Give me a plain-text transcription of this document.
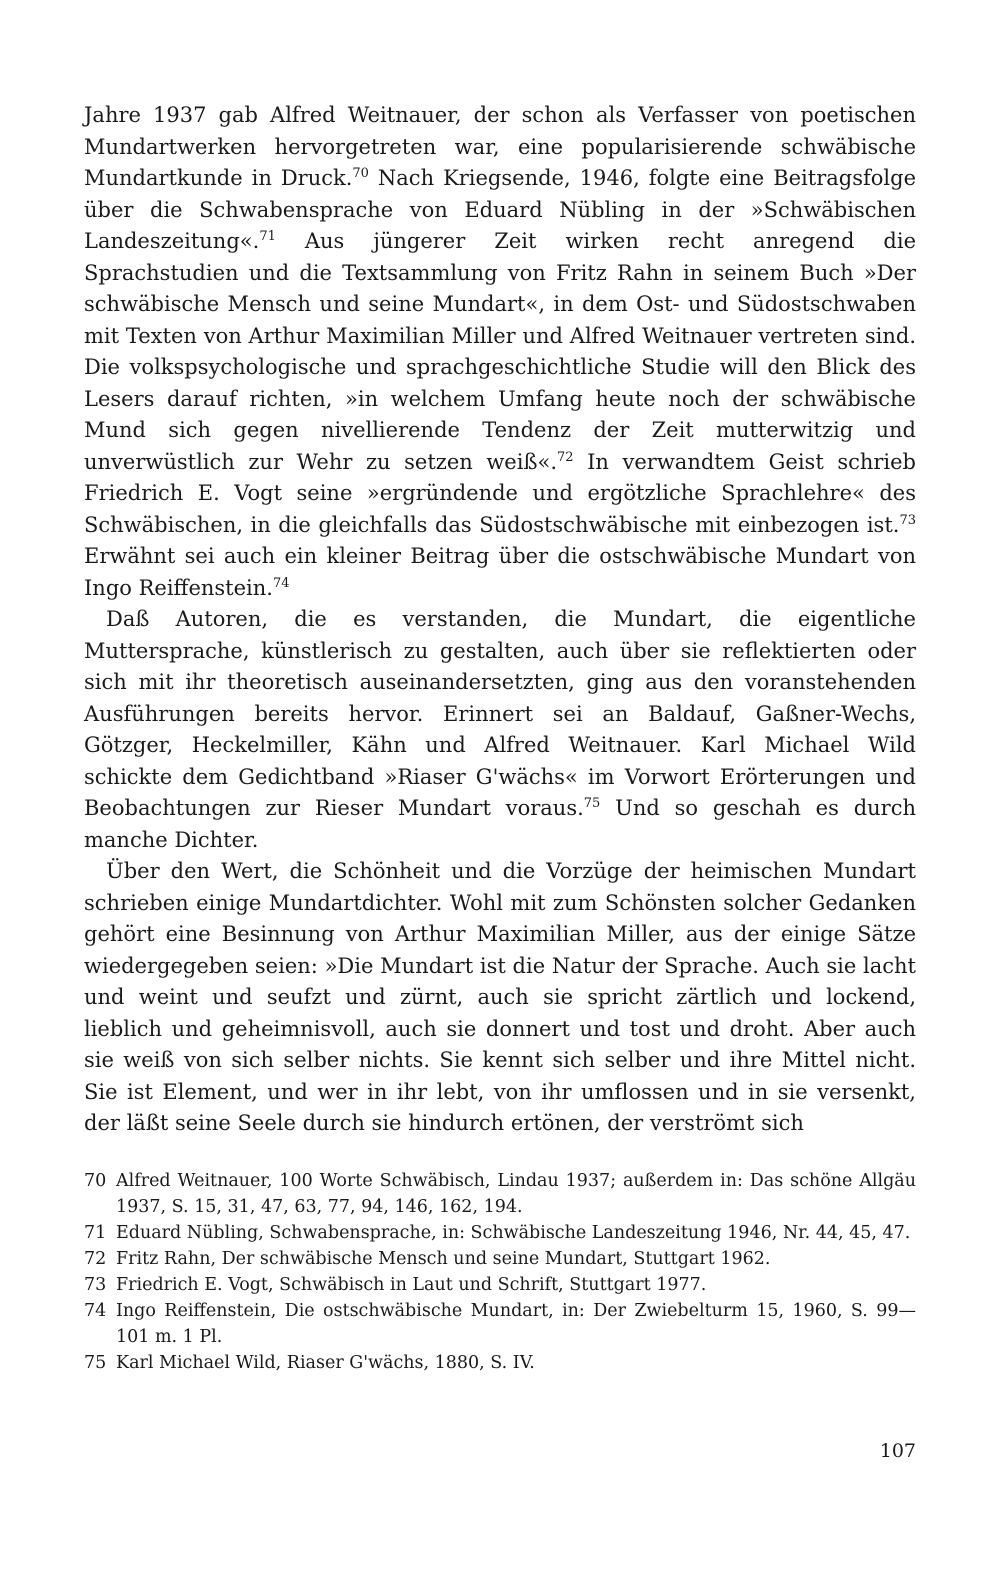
Jahre 1937 gab Alfred Weitnauer, der schon als Verfasser von poetischen Mundartwerken hervorgetreten war, eine popularisierende schwäbische Mundartkunde in Druck.$^{70}$ Nach Kriegsende, 1946, folgte eine Beitragsfolge über die Schwabensprache von Eduard Nübling in der »Schwäbischen Landeszeitung«.$^{71}$ Aus jüngerer Zeit wirken recht anregend die Sprachstudien und die Textsammlung von Fritz Rahn in seinem Buch »Der schwäbische Mensch und seine Mundart«, in dem Ost- und Südostschwaben mit Texten von Arthur Maximilian Miller und Alfred Weitnauer vertreten sind. Die volkspsychologische und sprachgeschichtliche Studie will den Blick des Lesers darauf richten, »in welchem Umfang heute noch der schwäbische Mund sich gegen nivellierende Tendenz der Zeit mutterwitzig und unverwüstlich zur Wehr zu setzen weiß«.$^{72}$ In verwandtem Geist schrieb Friedrich E. Vogt seine »ergründende und ergötzliche Sprachlehre« des Schwäbischen, in die gleichfalls das Südostschwäbische mit einbezogen ist.$^{73}$ Erwähnt sei auch ein kleiner Beitrag über die ostschwäbische Mundart von Ingo Reiffenstein.$^{74}$

Daß Autoren, die es verstanden, die Mundart, die eigentliche Muttersprache, künstlerisch zu gestalten, auch über sie reflektierten oder sich mit ihr theoretisch auseinandersetzten, ging aus den voranstehenden Ausführungen bereits hervor. Erinnert sei an Baldauf, Gaßner-Wechs, Götzger, Heckelmiller, Kähn und Alfred Weitnauer. Karl Michael Wild schickte dem Gedichtband »Riaser G'wächs« im Vorwort Erörterungen und Beobachtungen zur Rieser Mundart voraus.$^{75}$ Und so geschah es durch manche Dichter.

Über den Wert, die Schönheit und die Vorzüge der heimischen Mundart schrieben einige Mundartdichter. Wohl mit zum Schönsten solcher Gedanken gehört eine Besinnung von Arthur Maximilian Miller, aus der einige Sätze wiedergegeben seien: »Die Mundart ist die Natur der Sprache. Auch sie lacht und weint und seufzt und zürnt, auch sie spricht zärtlich und lockend, lieblich und geheimnisvoll, auch sie donnert und tost und droht. Aber auch sie weiß von sich selber nichts. Sie kennt sich selber und ihre Mittel nicht. Sie ist Element, und wer in ihr lebt, von ihr umflossen und in sie versenkt, der läßt seine Seele durch sie hindurch ertönen, der verströmt sich

70 Alfred Weitnauer, 100 Worte Schwäbisch, Lindau 1937; außerdem in: Das schöne Allgäu 1937, S. 15, 31, 47, 63, 77, 94, 146, 162, 194.
71 Eduard Nübling, Schwabensprache, in: Schwäbische Landeszeitung 1946, Nr. 44, 45, 47.
72 Fritz Rahn, Der schwäbische Mensch und seine Mundart, Stuttgart 1962.
73 Friedrich E. Vogt, Schwäbisch in Laut und Schrift, Stuttgart 1977.
74 Ingo Reiffenstein, Die ostschwäbische Mundart, in: Der Zwiebelturm 15, 1960, S. 99—101 m. 1 Pl.
75 Karl Michael Wild, Riaser G'wächs, 1880, S. IV.
107
